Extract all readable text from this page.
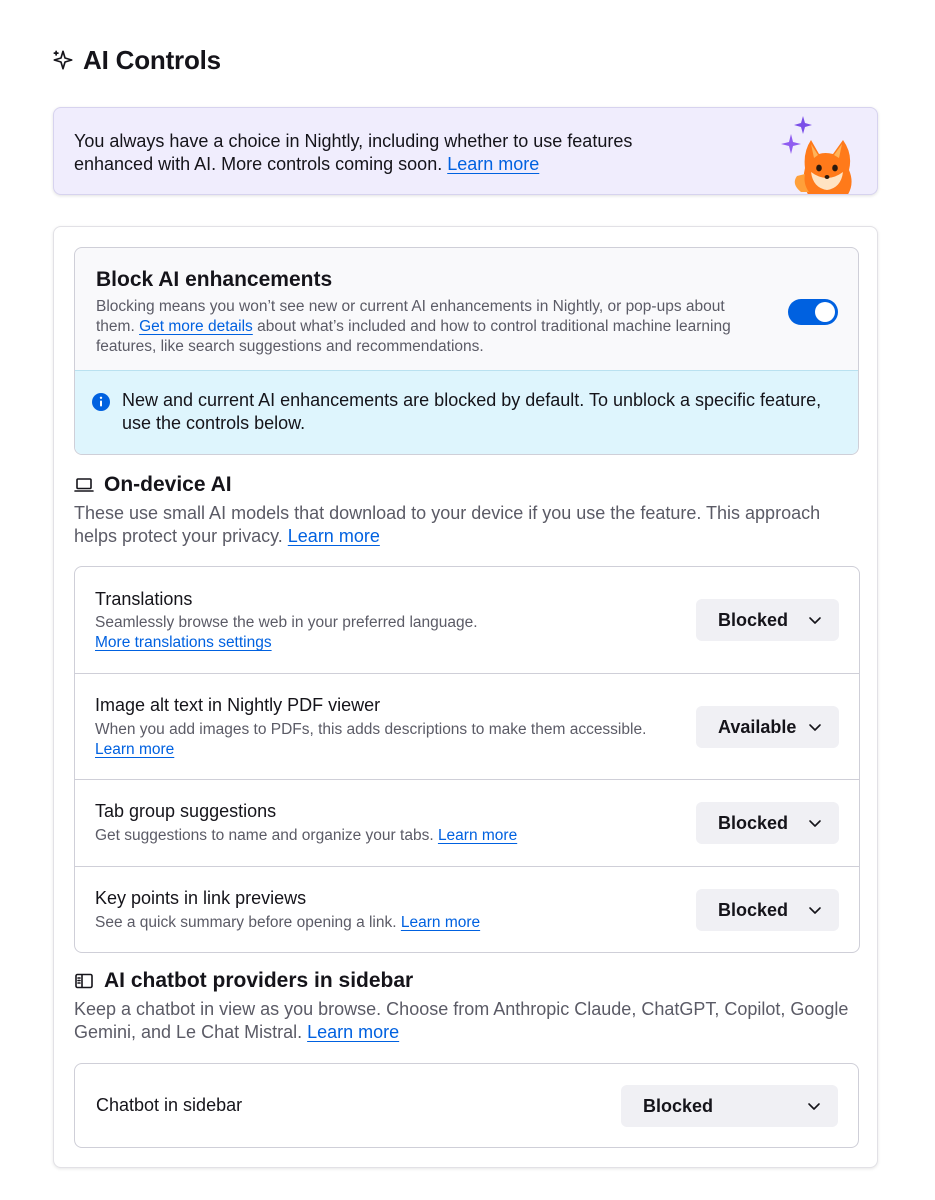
AI Controls
You always have a choice in Nightly, including whether to use features enhanced with AI. More controls coming soon. Learn more
Block AI enhancements
Blocking means you won’t see new or current AI enhancements in Nightly, or pop-ups about them. Get more details about what’s included and how to control traditional machine learning features, like search suggestions and recommendations.
New and current AI enhancements are blocked by default. To unblock a specific feature, use the controls below.
On-device AI
These use small AI models that download to your device if you use the feature. This approach helps protect your privacy. Learn more
Translations
Seamlessly browse the web in your preferred language.
More translations settings
Blocked
Image alt text in Nightly PDF viewer
When you add images to PDFs, this adds descriptions to make them accessible. Learn more
Available
Tab group suggestions
Get suggestions to name and organize your tabs. Learn more
Blocked
Key points in link previews
See a quick summary before opening a link. Learn more
Blocked
AI chatbot providers in sidebar
Keep a chatbot in view as you browse. Choose from Anthropic Claude, ChatGPT, Copilot, Google Gemini, and Le Chat Mistral. Learn more
Chatbot in sidebar	Blocked
